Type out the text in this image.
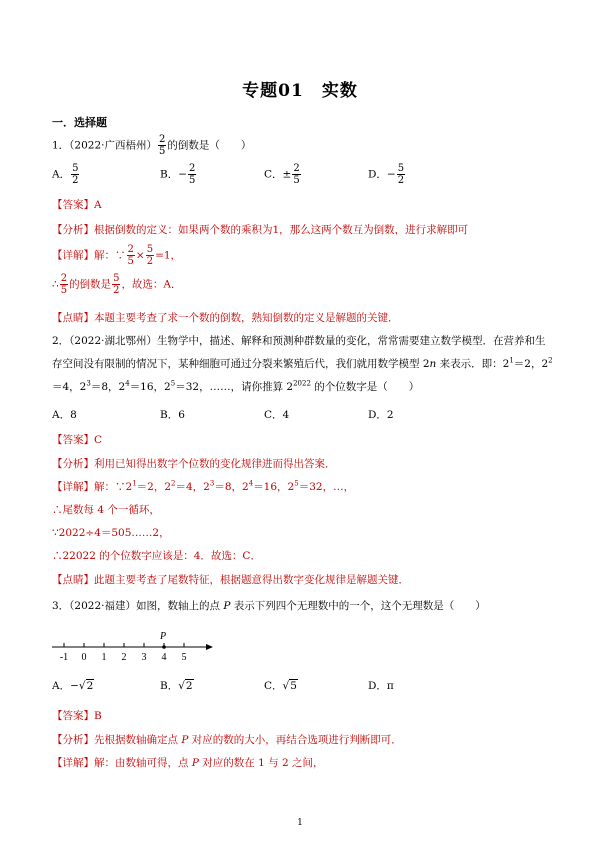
专题01　实数
一．选择题
1．（2022·广西梧州） $\frac{2}{5}$ 的倒数是（　　）
A． $\frac{5}{2}$	B．− $\frac{2}{5}$	C．± $\frac{2}{5}$	D．− $\frac{5}{2}$
【答案】A
【分析】根据倒数的定义：如果两个数的乘积为1，那么这两个数互为倒数，进行求解即可
【详解】解：∵ $\frac{2}{5} \times \frac{5}{2} =1$，
∴ $\frac{2}{5}$ 的倒数是 $\frac{5}{2}$ ，故选：A．
【点睛】本题主要考查了求一个数的倒数，熟知倒数的定义是解题的关键．
2．（2022·湖北鄂州）生物学中，描述、解释和预测种群数量的变化，常常需要建立数学模型．在营养和生
存空间没有限制的情况下，某种细胞可通过分裂来繁殖后代，我们就用数学模型 2n 来表示．即：$2^1=2$，$2^2$
＝4，$2^3=8$，$2^4=16$，$2^5=32$，……，请你推算 $2^{2022}$ 的个位数字是（　　）
A．8	B．6	C．4	D．2
【答案】C
【分析】利用已知得出数字个位数的变化规律进而得出答案．
【详解】解：$\because 2^1=2$，$2^2=4$，$2^3=8$，$2^4=16$，$2^5=32$，…，
∴尾数每 4 个一循环，
∵2022÷4＝505……2，
∴22022 的个位数字应该是：4．故选：C．
【点睛】此题主要考查了尾数特征，根据题意得出数字变化规律是解题关键．
3．（2022·福建）如图，数轴上的点 P 表示下列四个无理数中的一个，这个无理数是（　　）
-1 0 1 2 3 4 5
P
A．−√2	B．√2	C．√5	D．π
【答案】B
【分析】先根据数轴确定点 P 对应的数的大小，再结合选项进行判断即可．
【详解】解：由数轴可得，点 P 对应的数在 1 与 2 之间，
1
